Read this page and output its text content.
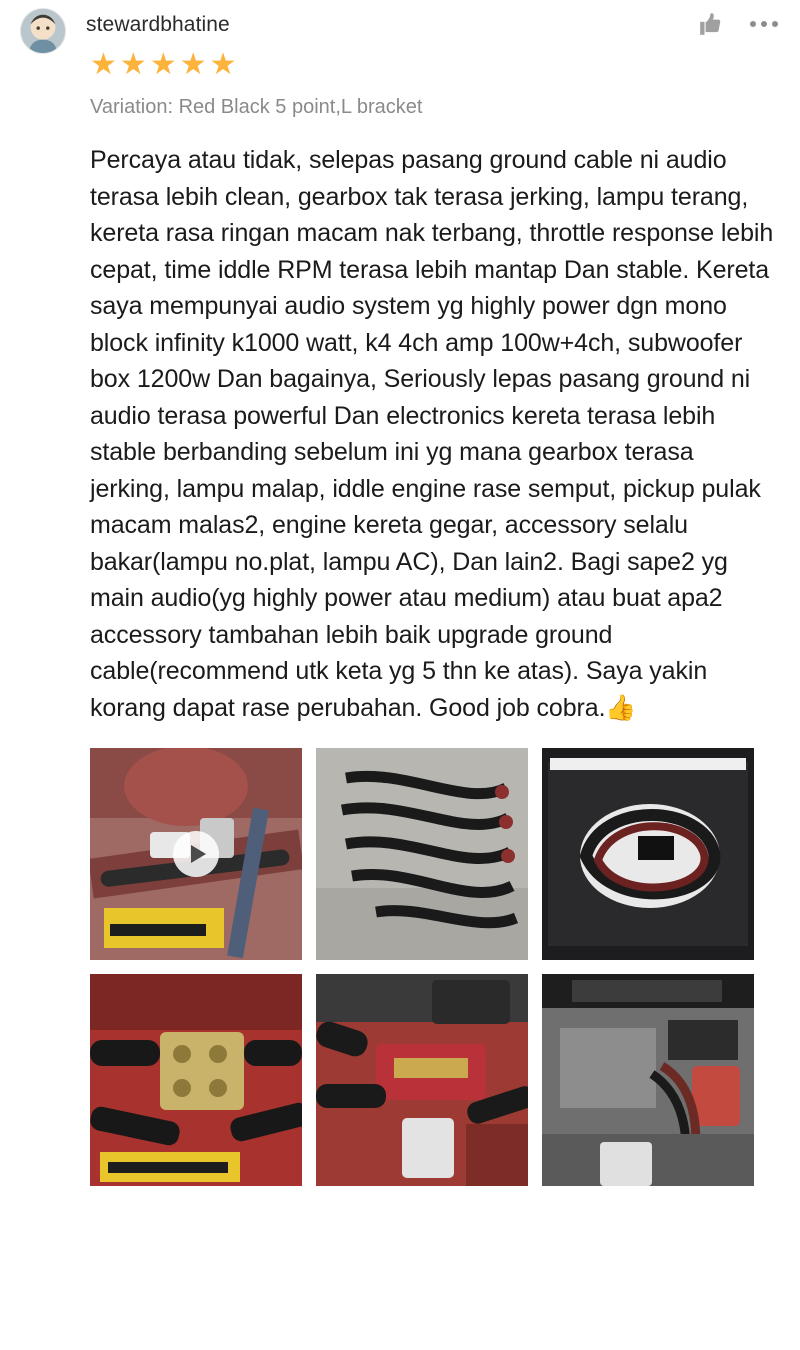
stewardbhatine
★ ★ ★ ★ ★
Variation: Red Black 5 point,L bracket
Percaya atau tidak, selepas pasang ground cable ni audio terasa lebih clean, gearbox tak terasa jerking, lampu terang, kereta rasa ringan macam nak terbang, throttle response lebih cepat, time iddle RPM terasa lebih mantap Dan stable. Kereta saya mempunyai audio system yg highly power dgn mono block infinity k1000 watt, k4 4ch amp 100w+4ch, subwoofer box 1200w Dan bagainya, Seriously lepas pasang ground ni audio terasa powerful Dan electronics kereta terasa lebih stable berbanding sebelum ini yg mana gearbox terasa jerking, lampu malap, iddle engine rase semput, pickup pulak macam malas2, engine kereta gegar, accessory selalu bakar(lampu no.plat, lampu AC), Dan lain2. Bagi sape2 yg main audio(yg highly power atau medium) atau buat apa2 accessory tambahan lebih baik upgrade ground cable(recommend utk keta yg 5 thn ke atas). Saya yakin korang dapat rase perubahan. Good job cobra.👍
